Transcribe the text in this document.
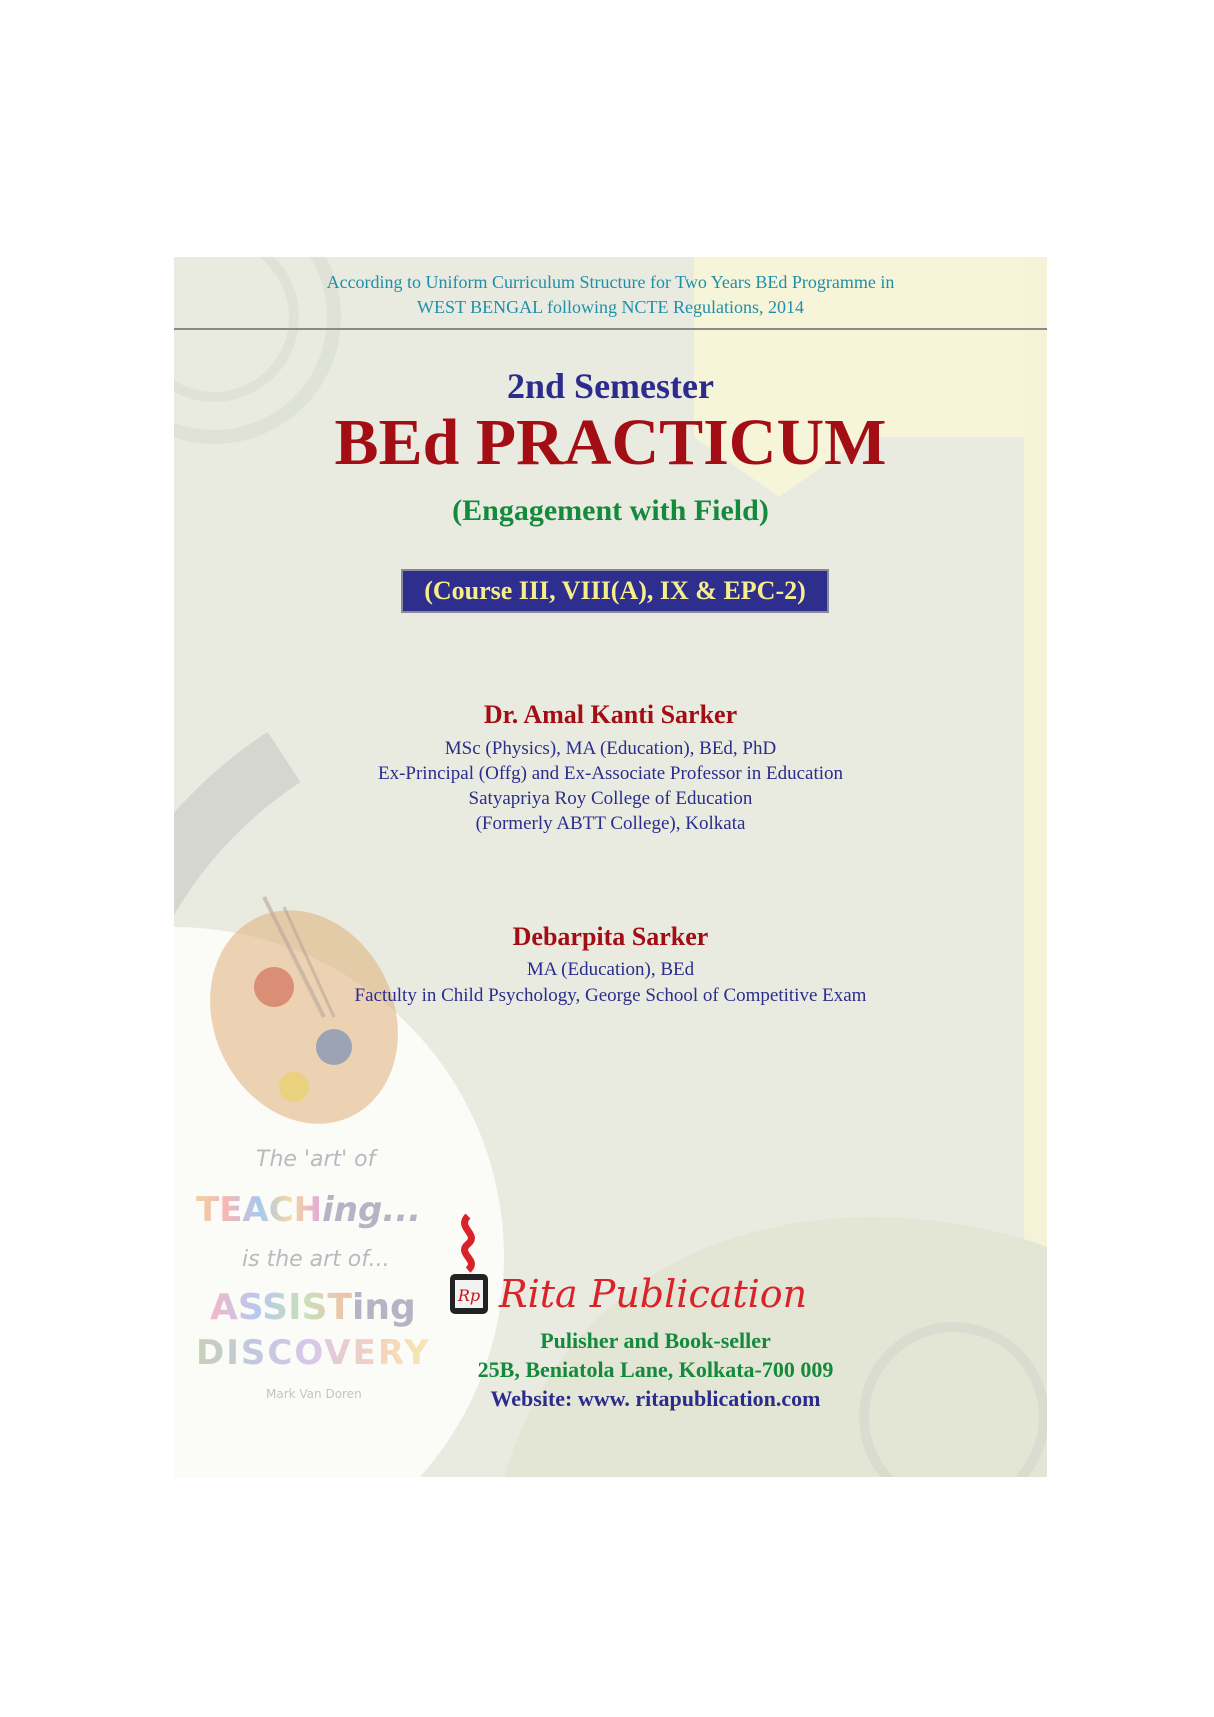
According to Uniform Curriculum Structure for Two Years BEd Programme in
WEST BENGAL following NCTE Regulations, 2014
2nd Semester
BEd PRACTICUM
(Engagement with Field)
(Course III, VIII(A), IX & EPC-2)
Dr. Amal Kanti Sarker
MSc (Physics), MA (Education), BEd, PhD
Ex-Principal (Offg) and Ex-Associate Professor in Education
Satyapriya Roy College of Education
(Formerly ABTT College), Kolkata
Debarpita Sarker
MA (Education), BEd
Factulty in Child Psychology, George School of Competitive Exam
The 'art' of
TEACHing...
is the art of...
ASSISTing
DISCOVERY
Mark Van Doren
Rp Rita Publication
Pulisher and Book-seller
25B, Beniatola Lane, Kolkata-700 009
Website: www. ritapublication.com
